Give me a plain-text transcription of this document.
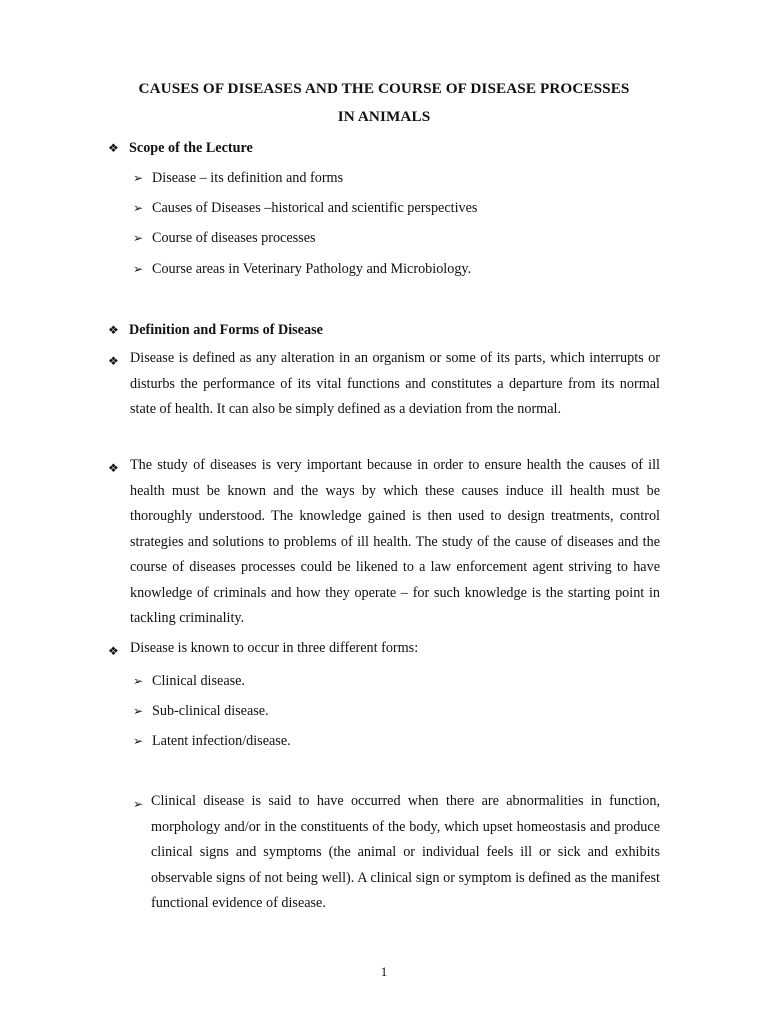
CAUSES OF DISEASES AND THE COURSE OF DISEASE PROCESSES
IN ANIMALS
❖ Scope of the Lecture
➢ Disease – its definition and forms
➢ Causes of Diseases –historical and scientific perspectives
➢ Course of diseases processes
➢ Course areas in Veterinary Pathology and Microbiology.
❖ Definition and Forms of Disease
❖ Disease is defined as any alteration in an organism or some of its parts, which interrupts or disturbs the performance of its vital functions and constitutes a departure from its normal state of health. It can also be simply defined as a deviation from the normal.
❖ The study of diseases is very important because in order to ensure health the causes of ill health must be known and the ways by which these causes induce ill health must be thoroughly understood. The knowledge gained is then used to design treatments, control strategies and solutions to problems of ill health. The study of the cause of diseases and the course of diseases processes could be likened to a law enforcement agent striving to have knowledge of criminals and how they operate – for such knowledge is the starting point in tackling criminality.
❖ Disease is known to occur in three different forms:
➢ Clinical disease.
➢ Sub-clinical disease.
➢ Latent infection/disease.
➢ Clinical disease is said to have occurred when there are abnormalities in function, morphology and/or in the constituents of the body, which upset homeostasis and produce clinical signs and symptoms (the animal or individual feels ill or sick and exhibits observable signs of not being well). A clinical sign or symptom is defined as the manifest functional evidence of disease.
1
